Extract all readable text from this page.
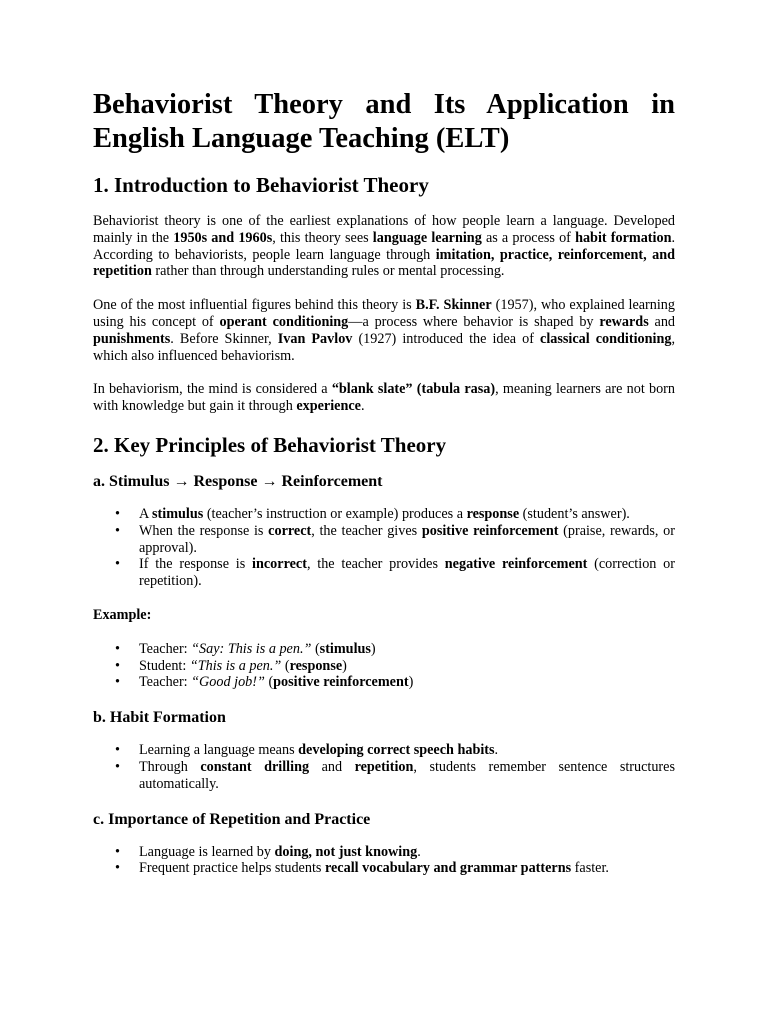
Behaviorist Theory and Its Application in English Language Teaching (ELT)
1. Introduction to Behaviorist Theory

Behaviorist theory is one of the earliest explanations of how people learn a language. Developed mainly in the 1950s and 1960s, this theory sees language learning as a process of habit formation. According to behaviorists, people learn language through imitation, practice, reinforcement, and repetition rather than through understanding rules or mental processing.

One of the most influential figures behind this theory is B.F. Skinner (1957), who explained learning using his concept of operant conditioning—a process where behavior is shaped by rewards and punishments. Before Skinner, Ivan Pavlov (1927) introduced the idea of classical conditioning, which also influenced behaviorism.

In behaviorism, the mind is considered a “blank slate” (tabula rasa), meaning learners are not born with knowledge but gain it through experience.

2. Key Principles of Behaviorist Theory
a. Stimulus → Response → Reinforcement
• A stimulus (teacher’s instruction or example) produces a response (student’s answer).
• When the response is correct, the teacher gives positive reinforcement (praise, rewards, or approval).
• If the response is incorrect, the teacher provides negative reinforcement (correction or repetition).

Example:

• Teacher: “Say: This is a pen.” (stimulus)
• Student: “This is a pen.” (response)
• Teacher: “Good job!” (positive reinforcement)
b. Habit Formation
• Learning a language means developing correct speech habits.
• Through constant drilling and repetition, students remember sentence structures automatically.
c. Importance of Repetition and Practice
• Language is learned by doing, not just knowing.
• Frequent practice helps students recall vocabulary and grammar patterns faster.
